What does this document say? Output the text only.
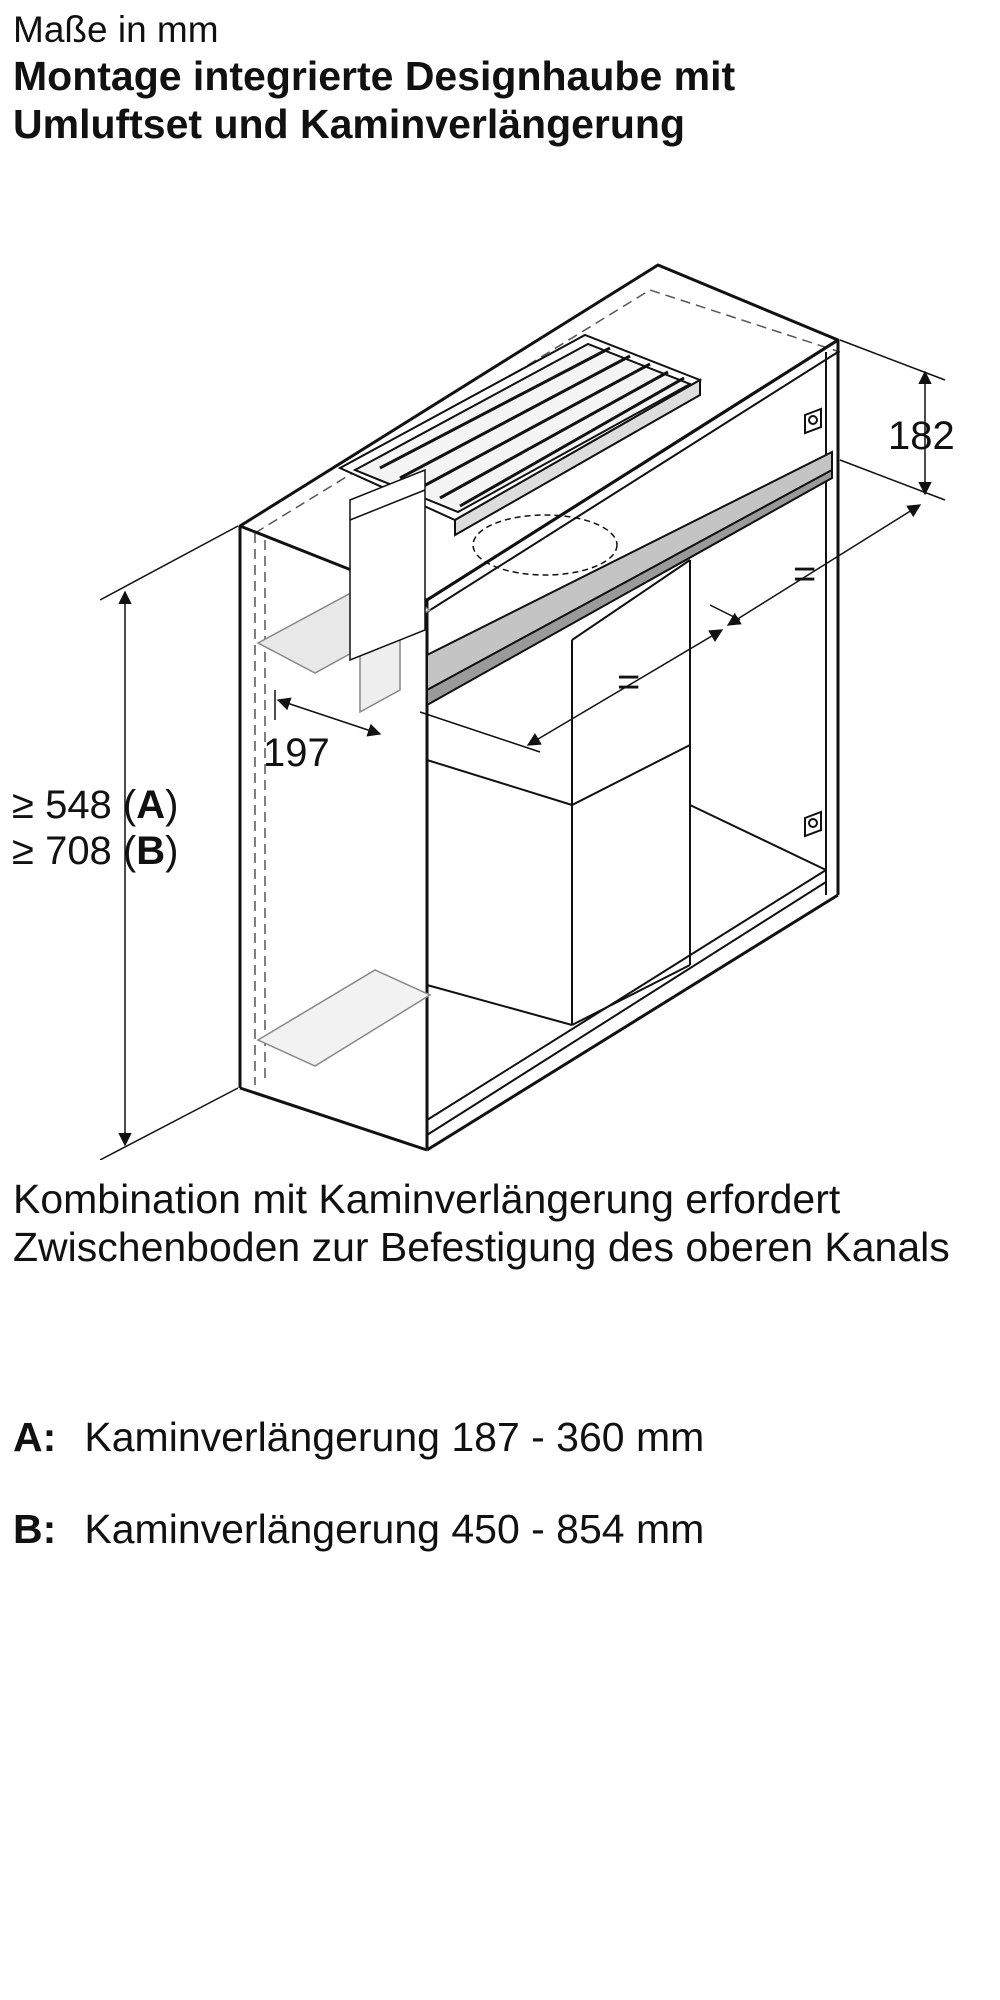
Maße in mm

Montage integrierte Designhaube mit

Umluftset und Kaminverlängerung

182
=
=
197
≥ 548 (A)
≥ 708 (B)

Kombination mit Kaminverlängerung erfordert Zwischenboden zur Befestigung des oberen Kanals

A: Kaminverlängerung 187 - 360 mm
B: Kaminverlängerung 450 - 854 mm
